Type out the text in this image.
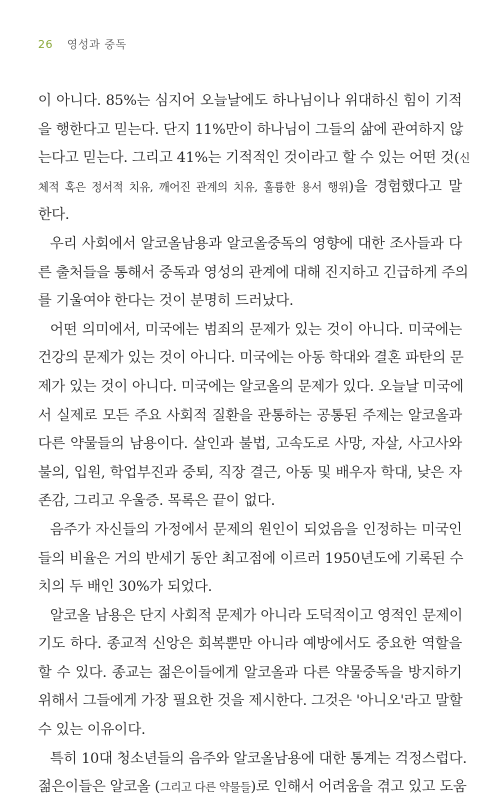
26 영성과 중독
이 아니다. 85%는 심지어 오늘날에도 하나님이나 위대하신 힘이 기적
을 행한다고 믿는다. 단지 11%만이 하나님이 그들의 삶에 관여하지 않
는다고 믿는다. 그리고 41%는 기적적인 것이라고 할 수 있는 어떤 것(신
체적 혹은 정서적 치유, 깨어진 관계의 치유, 훌륭한 용서 행위)을 경험했다고 말
한다.
우리 사회에서 알코올남용과 알코올중독의 영향에 대한 조사들과 다
른 출처들을 통해서 중독과 영성의 관계에 대해 진지하고 긴급하게 주의
를 기울여야 한다는 것이 분명히 드러났다.
어떤 의미에서, 미국에는 범죄의 문제가 있는 것이 아니다. 미국에는
건강의 문제가 있는 것이 아니다. 미국에는 아동 학대와 결혼 파탄의 문
제가 있는 것이 아니다. 미국에는 알코올의 문제가 있다. 오늘날 미국에
서 실제로 모든 주요 사회적 질환을 관통하는 공통된 주제는 알코올과
다른 약물들의 남용이다. 살인과 불법, 고속도로 사망, 자살, 사고사와
불의, 입원, 학업부진과 중퇴, 직장 결근, 아동 및 배우자 학대, 낮은 자
존감, 그리고 우울증. 목록은 끝이 없다.
음주가 자신들의 가정에서 문제의 원인이 되었음을 인정하는 미국인
들의 비율은 거의 반세기 동안 최고점에 이르러 1950년도에 기록된 수
치의 두 배인 30%가 되었다.
알코올 남용은 단지 사회적 문제가 아니라 도덕적이고 영적인 문제이
기도 하다. 종교적 신앙은 회복뿐만 아니라 예방에서도 중요한 역할을
할 수 있다. 종교는 젊은이들에게 알코올과 다른 약물중독을 방지하기
위해서 그들에게 가장 필요한 것을 제시한다. 그것은 '아니오'라고 말할
수 있는 이유이다.
특히 10대 청소년들의 음주와 알코올남용에 대한 통계는 걱정스럽다.
젊은이들은 알코올 (그리고 다른 약물들)로 인해서 어려움을 겪고 있고 도움
